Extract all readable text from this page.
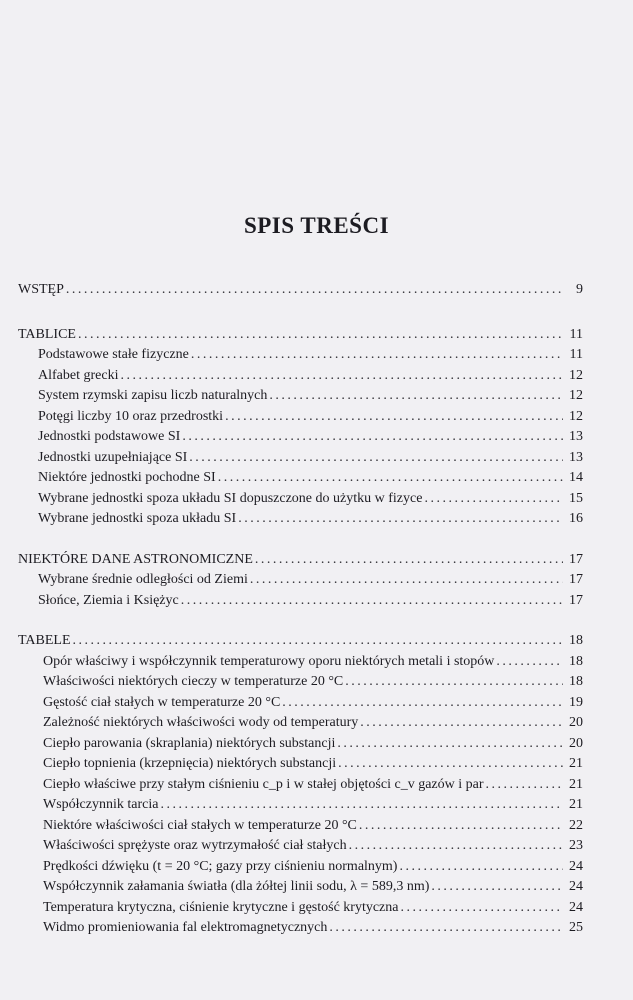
SPIS TREŚCI
WSTĘP . . .	9
TABLICE . . .	11
Podstawowe stałe fizyczne . . .	11
Alfabet grecki . . .	12
System rzymski zapisu liczb naturalnych . . .	12
Potęgi liczby 10 oraz przedrostki . . .	12
Jednostki podstawowe SI . . .	13
Jednostki uzupełniające SI . . .	13
Niektóre jednostki pochodne SI . . .	14
Wybrane jednostki spoza układu SI dopuszczone do użytku w fizyce . . .	15
Wybrane jednostki spoza układu SI . . .	16
NIEKTÓRE DANE ASTRONOMICZNE . . .	17
Wybrane średnie odległości od Ziemi . . .	17
Słońce, Ziemia i Księżyc . . .	17
TABELE . . .	18
Opór właściwy i współczynnik temperaturowy oporu niektórych metali i stopów . . .	18
Właściwości niektórych cieczy w temperaturze 20 °C . . .	18
Gęstość ciał stałych w temperaturze 20 °C . . .	19
Zależność niektórych właściwości wody od temperatury . . .	20
Ciepło parowania (skraplania) niektórych substancji . . .	20
Ciepło topnienia (krzepnięcia) niektórych substancji . . .	21
Ciepło właściwe przy stałym ciśnieniu c_p i w stałej objętości c_v gazów i par . . .	21
Współczynnik tarcia . . .	21
Niektóre właściwości ciał stałych w temperaturze 20 °C . . .	22
Właściwości sprężyste oraz wytrzymałość ciał stałych . . .	23
Prędkości dźwięku (t = 20 °C; gazy przy ciśnieniu normalnym) . . .	24
Współczynnik załamania światła (dla żółtej linii sodu, λ = 589,3 nm) . . .	24
Temperatura krytyczna, ciśnienie krytyczne i gęstość krytyczna . . .	24
Widmo promieniowania fal elektromagnetycznych . . .	25
